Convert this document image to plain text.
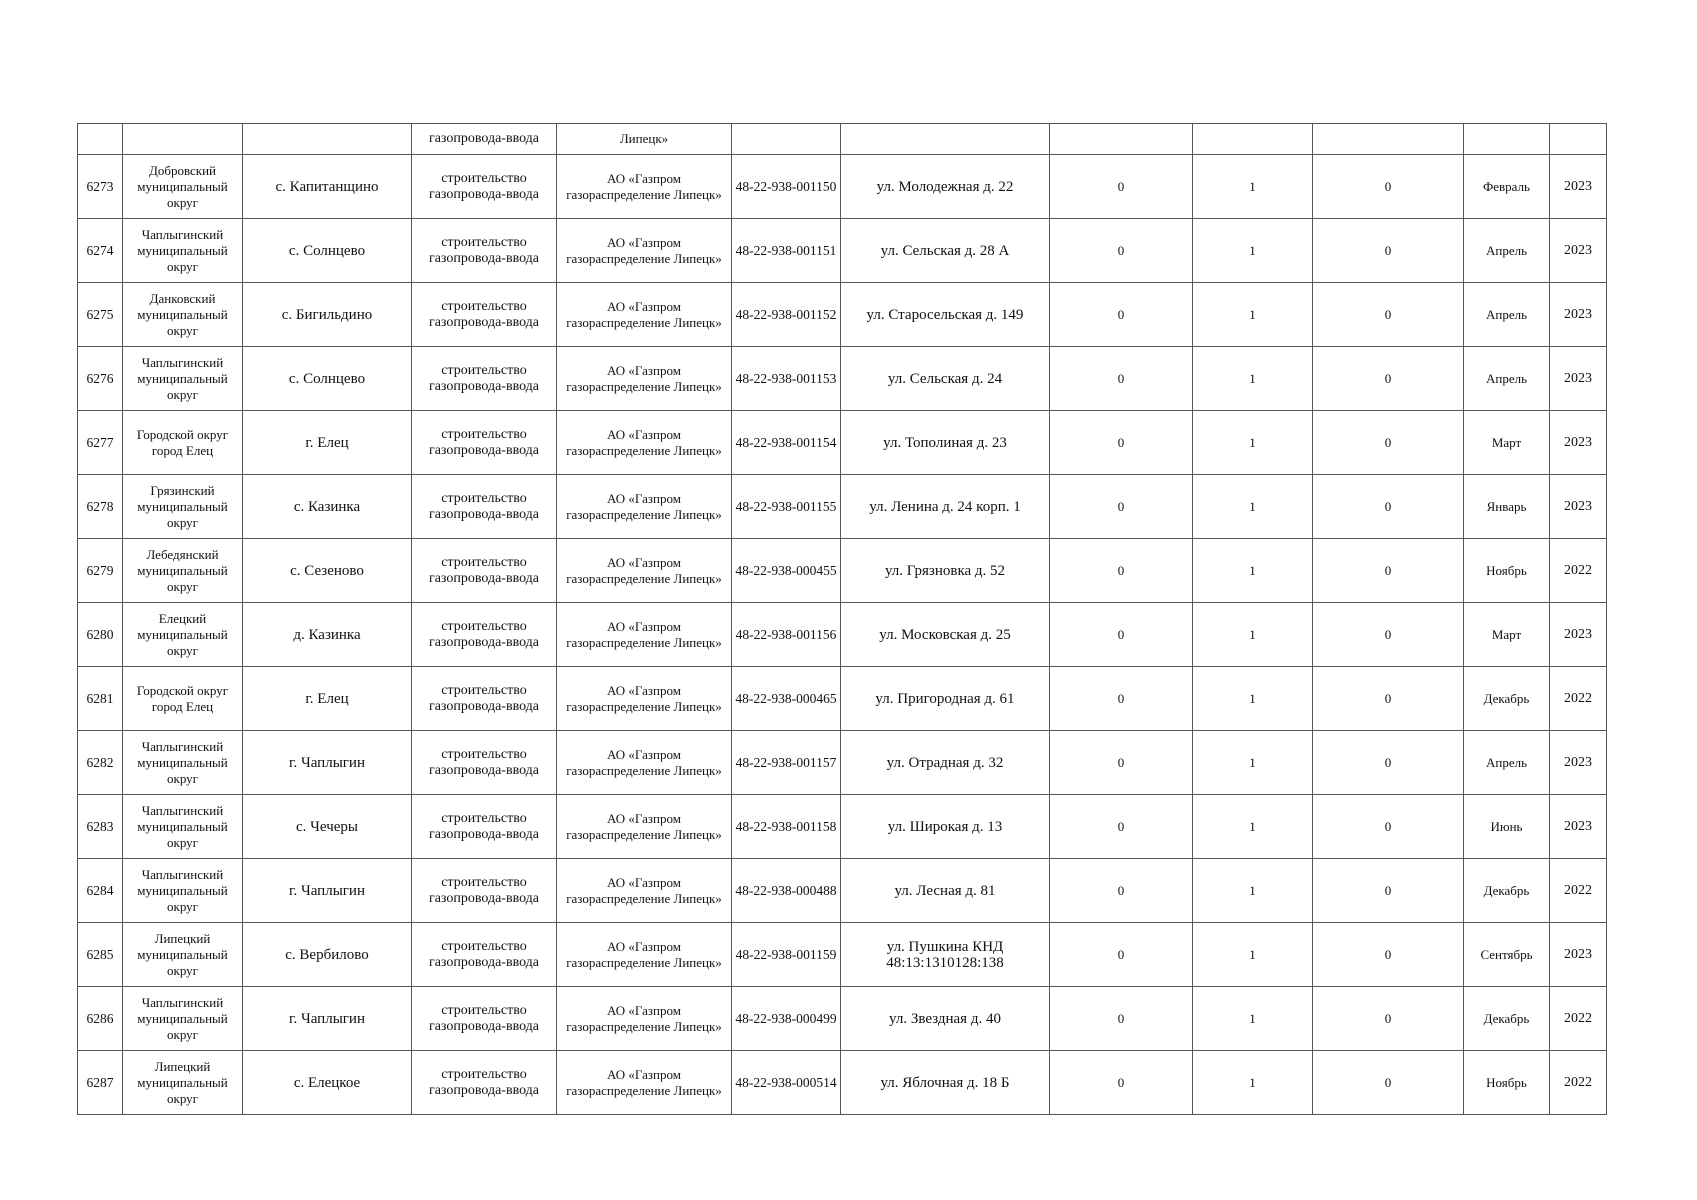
			газопровода-ввода	Липецк»							
6273	Добровский муниципальный округ	с. Капитанщино	строительство газопровода-ввода	АО «Газпром газораспределение Липецк»	48-22-938-001150	ул. Молодежная д. 22	0	1	0	Февраль	2023
6274	Чаплыгинский муниципальный округ	с. Солнцево	строительство газопровода-ввода	АО «Газпром газораспределение Липецк»	48-22-938-001151	ул. Сельская д. 28 А	0	1	0	Апрель	2023
6275	Данковский муниципальный округ	с. Бигильдино	строительство газопровода-ввода	АО «Газпром газораспределение Липецк»	48-22-938-001152	ул. Старосельская д. 149	0	1	0	Апрель	2023
6276	Чаплыгинский муниципальный округ	с. Солнцево	строительство газопровода-ввода	АО «Газпром газораспределение Липецк»	48-22-938-001153	ул. Сельская д. 24	0	1	0	Апрель	2023
6277	Городской округ город Елец	г. Елец	строительство газопровода-ввода	АО «Газпром газораспределение Липецк»	48-22-938-001154	ул. Тополиная д. 23	0	1	0	Март	2023
6278	Грязинский муниципальный округ	с. Казинка	строительство газопровода-ввода	АО «Газпром газораспределение Липецк»	48-22-938-001155	ул. Ленина д. 24 корп. 1	0	1	0	Январь	2023
6279	Лебедянский муниципальный округ	с. Сезеново	строительство газопровода-ввода	АО «Газпром газораспределение Липецк»	48-22-938-000455	ул. Грязновка д. 52	0	1	0	Ноябрь	2022
6280	Елецкий муниципальный округ	д. Казинка	строительство газопровода-ввода	АО «Газпром газораспределение Липецк»	48-22-938-001156	ул. Московская д. 25	0	1	0	Март	2023
6281	Городской округ город Елец	г. Елец	строительство газопровода-ввода	АО «Газпром газораспределение Липецк»	48-22-938-000465	ул. Пригородная д. 61	0	1	0	Декабрь	2022
6282	Чаплыгинский муниципальный округ	г. Чаплыгин	строительство газопровода-ввода	АО «Газпром газораспределение Липецк»	48-22-938-001157	ул. Отрадная д. 32	0	1	0	Апрель	2023
6283	Чаплыгинский муниципальный округ	с. Чечеры	строительство газопровода-ввода	АО «Газпром газораспределение Липецк»	48-22-938-001158	ул. Широкая д. 13	0	1	0	Июнь	2023
6284	Чаплыгинский муниципальный округ	г. Чаплыгин	строительство газопровода-ввода	АО «Газпром газораспределение Липецк»	48-22-938-000488	ул. Лесная д. 81	0	1	0	Декабрь	2022
6285	Липецкий муниципальный округ	с. Вербилово	строительство газопровода-ввода	АО «Газпром газораспределение Липецк»	48-22-938-001159	ул. Пушкина КНД 48:13:1310128:138	0	1	0	Сентябрь	2023
6286	Чаплыгинский муниципальный округ	г. Чаплыгин	строительство газопровода-ввода	АО «Газпром газораспределение Липецк»	48-22-938-000499	ул. Звездная д. 40	0	1	0	Декабрь	2022
6287	Липецкий муниципальный округ	с. Елецкое	строительство газопровода-ввода	АО «Газпром газораспределение Липецк»	48-22-938-000514	ул. Яблочная д. 18 Б	0	1	0	Ноябрь	2022
